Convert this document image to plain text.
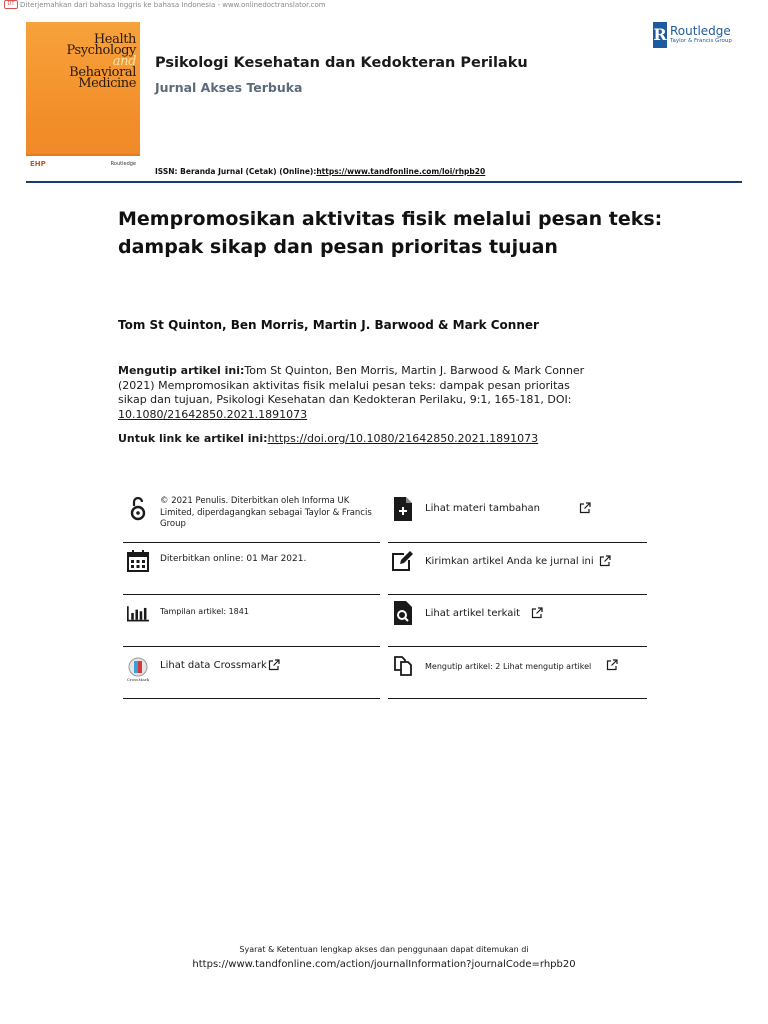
DT Diterjemahkan dari bahasa Inggris ke bahasa Indonesia - www.onlinedoctranslator.com
Health
Psychology
and
Behavioral
Medicine
EHP	Routledge
Psikologi Kesehatan dan Kedokteran Perilaku
Jurnal Akses Terbuka
ISSN: Beranda Jurnal (Cetak) (Online):https://www.tandfonline.com/loi/rhpb20
R Routledge
Taylor & Francis Group
Mempromosikan aktivitas fisik melalui pesan teks: dampak sikap dan pesan prioritas tujuan
Tom St Quinton, Ben Morris, Martin J. Barwood & Mark Conner
Mengutip artikel ini:Tom St Quinton, Ben Morris, Martin J. Barwood & Mark Conner (2021) Mempromosikan aktivitas fisik melalui pesan teks: dampak pesan prioritas sikap dan tujuan, Psikologi Kesehatan dan Kedokteran Perilaku, 9:1, 165-181, DOI: 10.1080/21642850.2021.1891073
Untuk link ke artikel ini:https://doi.org/10.1080/21642850.2021.1891073
© 2021 Penulis. Diterbitkan oleh Informa UK Limited, diperdagangkan sebagai Taylor & Francis Group
Diterbitkan online: 01 Mar 2021.
Tampilan artikel: 1841
CrossMark
Lihat data Crossmark
Lihat materi tambahan
Kirimkan artikel Anda ke jurnal ini
Lihat artikel terkait
Mengutip artikel: 2 Lihat mengutip artikel
Syarat & Ketentuan lengkap akses dan penggunaan dapat ditemukan di
https://www.tandfonline.com/action/journalInformation?journalCode=rhpb20
